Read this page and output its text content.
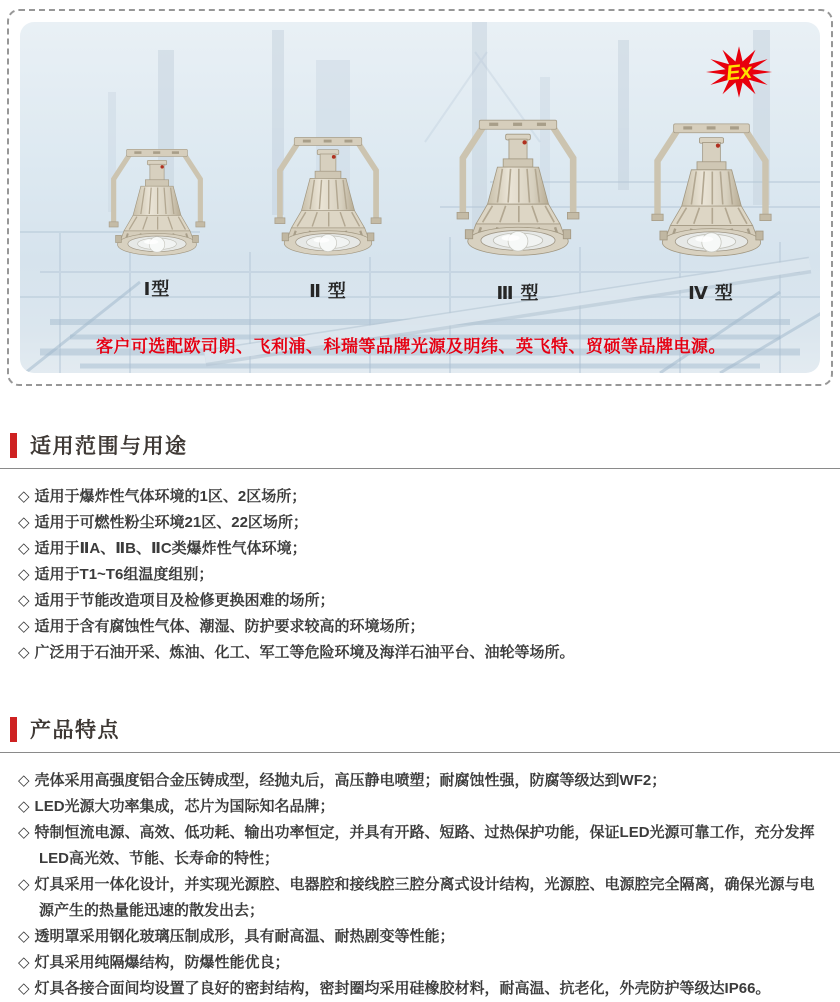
Ⅰ型	Ⅱ 型	Ⅲ 型	Ⅳ 型
Ex
客户可选配欧司朗、飞利浦、科瑞等品牌光源及明纬、英飞特、贸硕等品牌电源。
适用范围与用途
◇ 适用于爆炸性气体环境的1区、2区场所；
◇ 适用于可燃性粉尘环境21区、22区场所；
◇ 适用于ⅡA、ⅡB、ⅡC类爆炸性气体环境；
◇ 适用于T1~T6组温度组别；
◇ 适用于节能改造项目及检修更换困难的场所；
◇ 适用于含有腐蚀性气体、潮湿、防护要求较高的环境场所；
◇ 广泛用于石油开采、炼油、化工、军工等危险环境及海洋石油平台、油轮等场所。
产品特点
◇ 壳体采用高强度铝合金压铸成型，经抛丸后，高压静电喷塑；耐腐蚀性强，防腐等级达到WF2；
◇ LED光源大功率集成，芯片为国际知名品牌；
◇ 特制恒流电源、高效、低功耗、输出功率恒定，并具有开路、短路、过热保护功能，保证LED光源可靠工作，充分发挥LED高光效、节能、长寿命的特性；
◇ 灯具采用一体化设计，并实现光源腔、电器腔和接线腔三腔分离式设计结构，光源腔、电源腔完全隔离，确保光源与电源产生的热量能迅速的散发出去；
◇ 透明罩采用钢化玻璃压制成形，具有耐高温、耐热剧变等性能；
◇ 灯具采用纯隔爆结构，防爆性能优良；
◇ 灯具各接合面间均设置了良好的密封结构，密封圈均采用硅橡胶材料，耐高温、抗老化，外壳防护等级达IP66。
